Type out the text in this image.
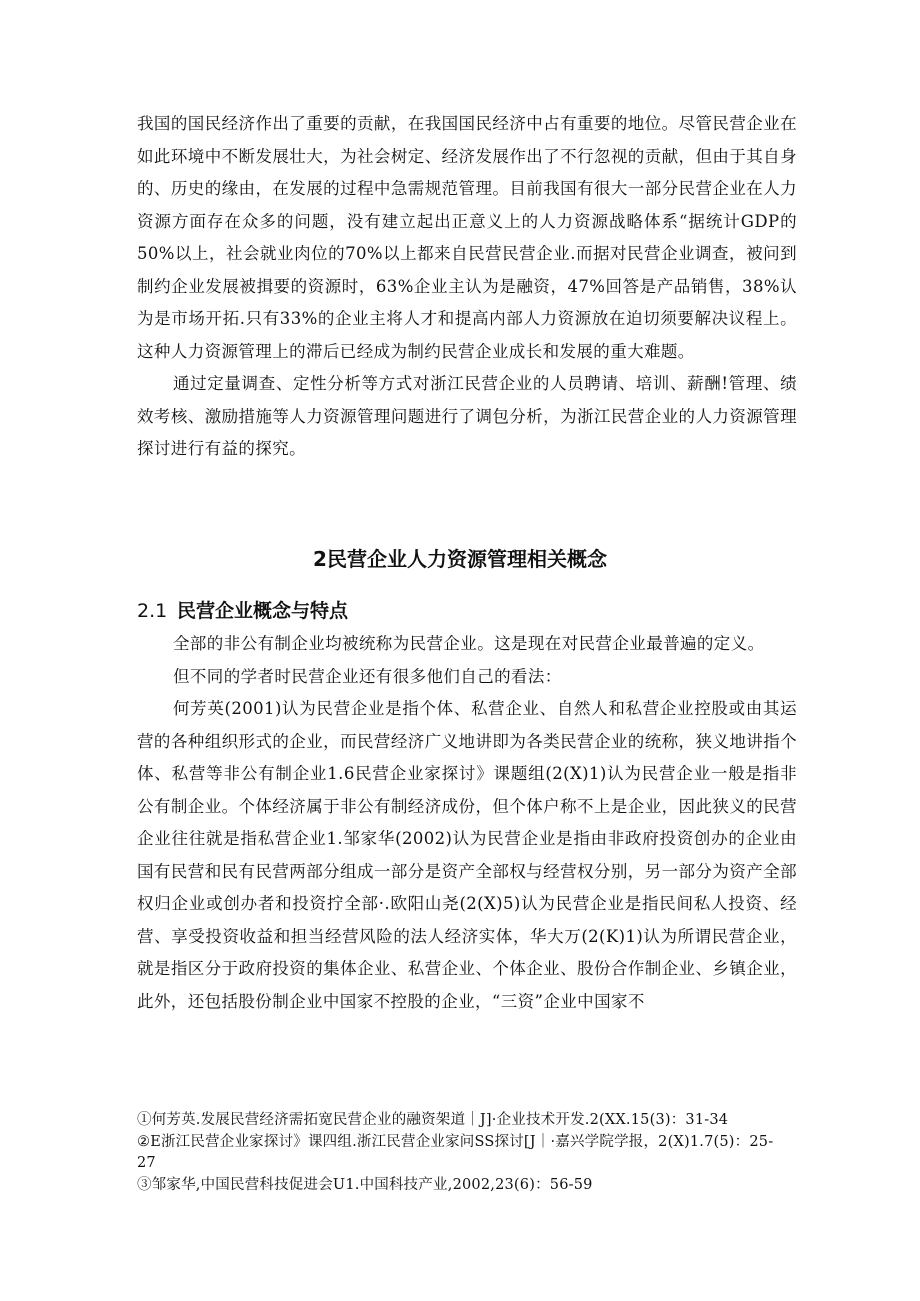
我国的国民经济作出了重要的贡献，在我国国民经济中占有重要的地位。尽管民营企业在如此环境中不断发展壮大，为社会树定、经济发展作出了不行忽视的贡献，但由于其自身的、历史的缘由，在发展的过程中急需规范管理。目前我国有很大一部分民营企业在人力资源方面存在众多的问题，没有建立起出正意义上的人力资源战略体系“据统计GDP的50%以上，社会就业肉位的70%以上都来自民营民营企业.而据对民营企业调查，被问到制约企业发展被揖要的资源时，63%企业主认为是融资，47%回答是产品销售，38%认为是市场开拓.只有33%的企业主将人才和提高内部人力资源放在迫切须要解决议程上。这种人力资源管理上的滞后已经成为制约民营企业成长和发展的重大难题。

通过定量调查、定性分析等方式对浙江民营企业的人员聘请、培训、薪酬!管理、绩效考核、激励措施等人力资源管理问题进行了调包分析，为浙江民营企业的人力资源管理探讨进行有益的探究。

2民营企业人力资源管理相关概念
2.1 民营企业概念与特点

全部的非公有制企业均被统称为民营企业。这是现在对民营企业最普遍的定义。

但不同的学者时民营企业还有很多他们自己的看法：

何芳英(2001)认为民营企业是指个体、私营企业、自然人和私营企业控股或由其运营的各种组织形式的企业，而民营经济广义地讲即为各类民营企业的统称，狭义地讲指个体、私营等非公有制企业1.6民营企业家探讨》课题组(2(X)1)认为民营企业一般是指非公有制企业。个体经济属于非公有制经济成份，但个体户称不上是企业，因此狭义的民营企业往往就是指私营企业1.邹家华(2002)认为民营企业是指由非政府投资创办的企业由国有民营和民有民营两部分组成一部分是资产全部权与经营权分别，另一部分为资产全部权归企业或创办者和投资拧全部·.欧阳山尧(2(X)5)认为民营企业是指民间私人投资、经营、享受投资收益和担当经营风险的法人经济实体，华大万(2(K)1)认为所谓民营企业，就是指区分于政府投资的集体企业、私营企业、个体企业、股份合作制企业、乡镇企业，此外，还包括股份制企业中国家不控股的企业，“三资”企业中国家不

①何芳英.发展民营经济需拓宽民营企业的融资架道｜J]·企业技术开发.2(XX.15(3)：31-34

②E浙江民营企业家探讨》课四组.浙江民营企业家问SS探讨[J｜·嘉兴学院学报，2(X)1.7(5)：25-27

③邹家华,中国民营科技促进会U1.中国科技产业,2002,23(6)：56-59
